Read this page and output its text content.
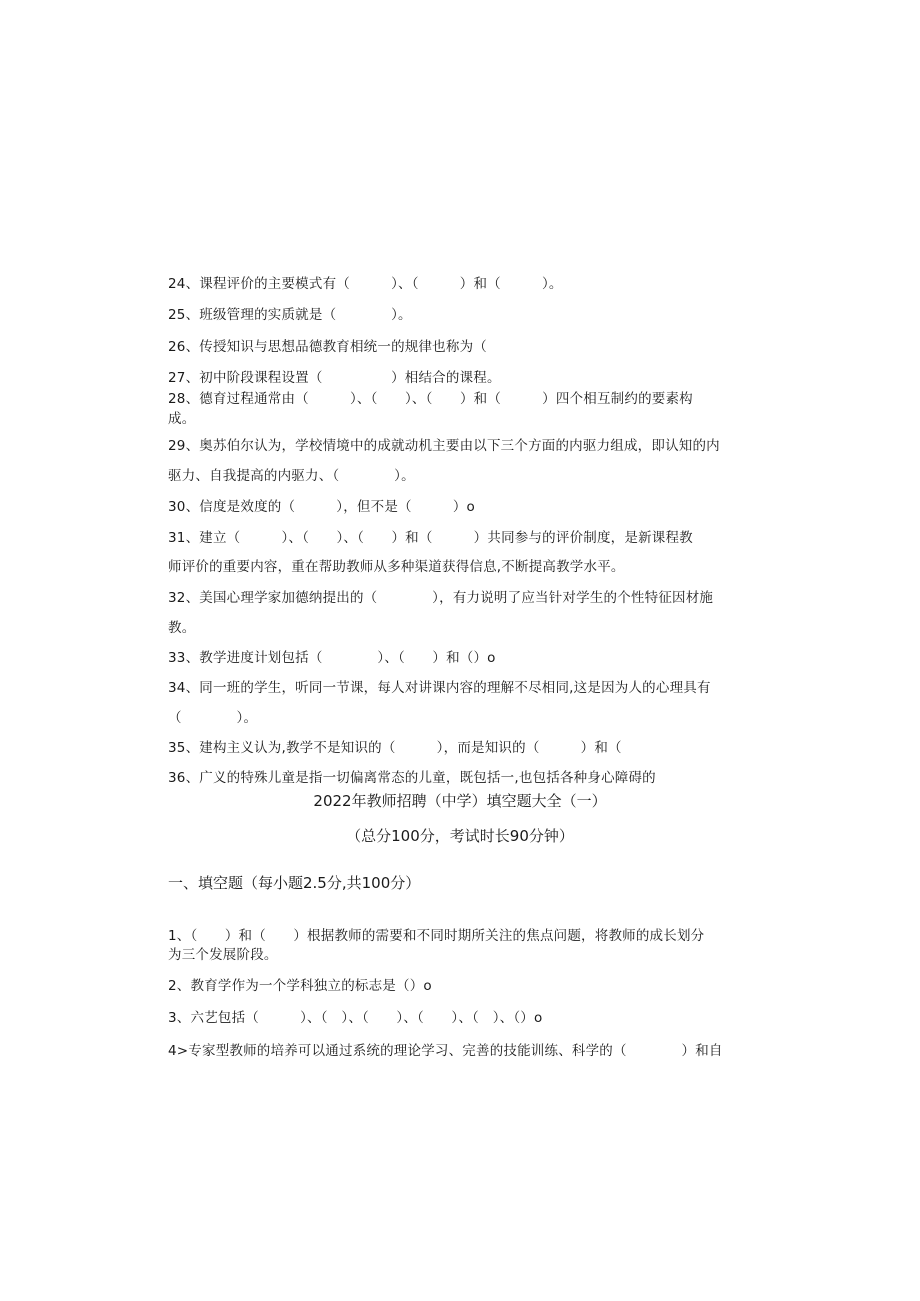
24、课程评价的主要模式有（　　　）、（　　　）和（　　　）。
25、班级管理的实质就是（　　　　）。
26、传授知识与思想品德教育相统一的规律也称为（
27、初中阶段课程设置（　　　　　）相结合的课程。
28、德育过程通常由（　　　）、（　　）、（　　）和（　　　）四个相互制约的要素构
成。
29、奥苏伯尔认为，学校情境中的成就动机主要由以下三个方面的内驱力组成，即认知的内
驱力、自我提高的内驱力、（　　　　）。
30、信度是效度的（　　　），但不是（　　　）o
31、建立（　　　）、（　　）、（　　）和（　　　）共同参与的评价制度，是新课程教
师评价的重要内容，重在帮助教师从多种渠道获得信息,不断提高教学水平。
32、美国心理学家加德纳提出的（　　　　），有力说明了应当针对学生的个性特征因材施
教。
33、教学进度计划包括（　　　　）、（　　）和（）o
34、同一班的学生，听同一节课，每人对讲课内容的理解不尽相同,这是因为人的心理具有
（　　　　）。
35、建构主义认为,教学不是知识的（　　　），而是知识的（　　　）和（
36、广义的特殊儿童是指一切偏离常态的儿童，既包括一,也包括各种身心障碍的
2022年教师招聘（中学）填空题大全（一）
（总分100分，考试时长90分钟）
一、填空题（每小题2.5分,共100分）
1、（　　）和（　　）根据教师的需要和不同时期所关注的焦点问题，将教师的成长划分
为三个发展阶段。
2、教育学作为一个学科独立的标志是（）o
3、六艺包括（　　　）、（　）、（　　）、（　　）、（　）、（）o
4>专家型教师的培养可以通过系统的理论学习、完善的技能训练、科学的（　　　　）和自
